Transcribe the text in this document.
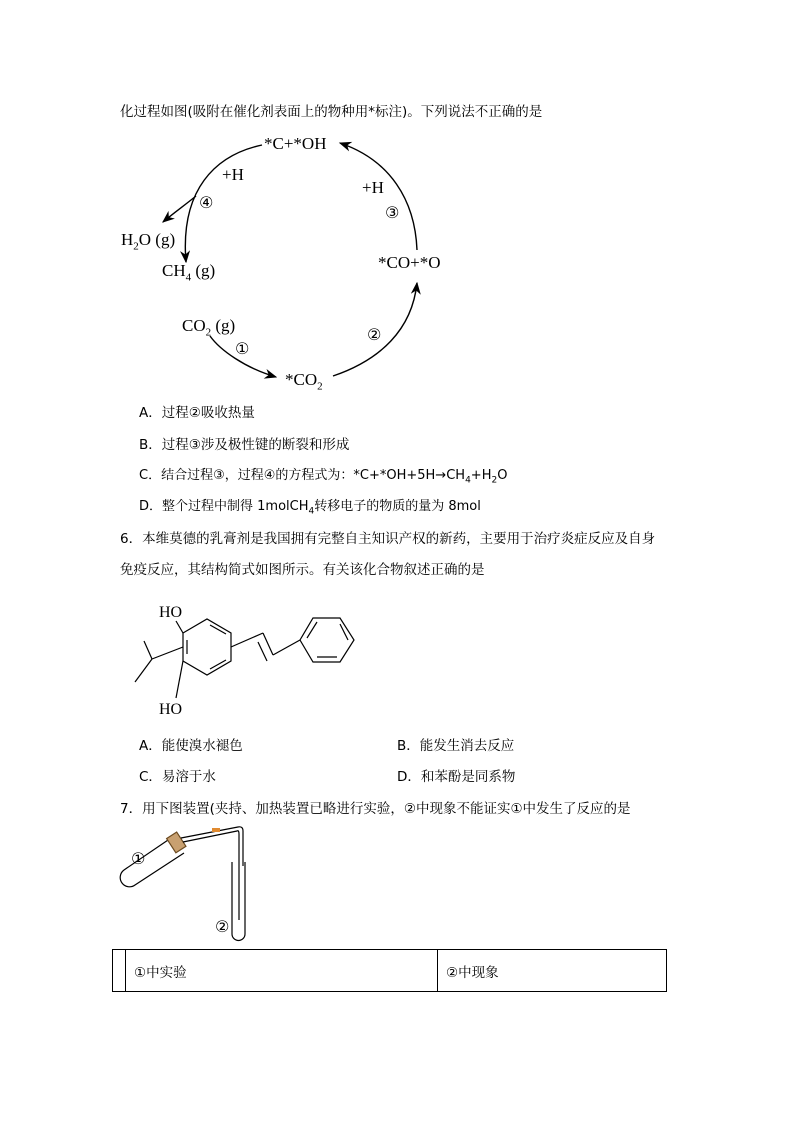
化过程如图(吸附在催化剂表面上的物种用*标注)。下列说法不正确的是
*C+*OH
+H
④
+H
③
$H_2O$ (g)
$CH_4$ (g)	*CO+*O
$CO_2$ (g)
①
②
$*CO_2$
A．过程②吸收热量
B．过程③涉及极性键的断裂和形成
C．结合过程③，过程④的方程式为：$*C+*OH+5H\to CH_4+H_2O$
D．整个过程中制得 1molCH$_4$转移电子的物质的量为 8mol
6．本维莫德的乳膏剂是我国拥有完整自主知识产权的新药，主要用于治疗炎症反应及自身
免疫反应，其结构简式如图所示。有关该化合物叙述正确的是
HO
HO
A．能使溴水褪色	B．能发生消去反应
C．易溶于水	D．和苯酚是同系物
7．用下图装置(夹持、加热装置已略进行实验，②中现象不能证实①中发生了反应的是
①
②
	①中实验	②中现象
